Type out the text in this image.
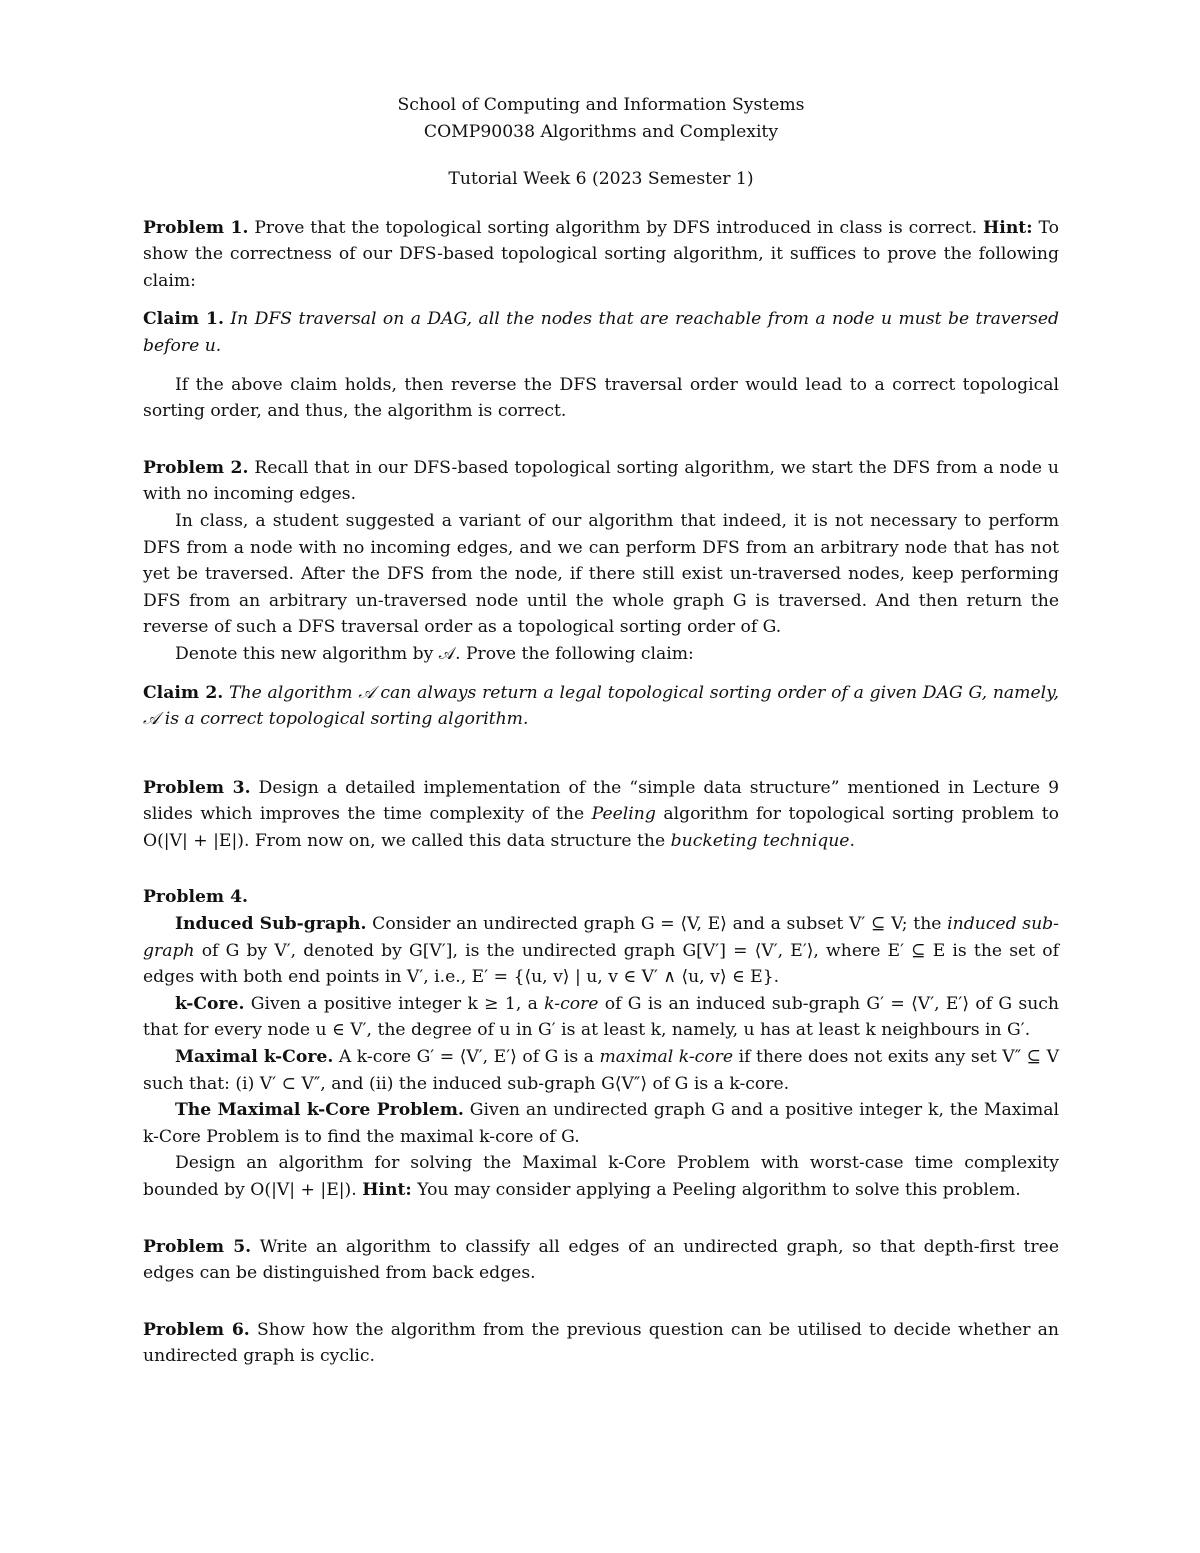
School of Computing and Information Systems
COMP90038 Algorithms and Complexity
Tutorial Week 6 (2023 Semester 1)

Problem 1. Prove that the topological sorting algorithm by DFS introduced in class is correct. Hint: To show the correctness of our DFS-based topological sorting algorithm, it suffices to prove the following claim:

Claim 1. In DFS traversal on a DAG, all the nodes that are reachable from a node u must be traversed before u.

If the above claim holds, then reverse the DFS traversal order would lead to a correct topological sorting order, and thus, the algorithm is correct.

Problem 2. Recall that in our DFS-based topological sorting algorithm, we start the DFS from a node u with no incoming edges.

In class, a student suggested a variant of our algorithm that indeed, it is not necessary to perform DFS from a node with no incoming edges, and we can perform DFS from an arbitrary node that has not yet be traversed. After the DFS from the node, if there still exist un-traversed nodes, keep performing DFS from an arbitrary un-traversed node until the whole graph G is traversed. And then return the reverse of such a DFS traversal order as a topological sorting order of G.

Denote this new algorithm by 𝒜. Prove the following claim:

Claim 2. The algorithm 𝒜 can always return a legal topological sorting order of a given DAG G, namely, 𝒜 is a correct topological sorting algorithm.

Problem 3. Design a detailed implementation of the “simple data structure” mentioned in Lecture 9 slides which improves the time complexity of the Peeling algorithm for topological sorting problem to O(|V| + |E|). From now on, we called this data structure the bucketing technique.

Problem 4.

Induced Sub-graph. Consider an undirected graph G = ⟨V, E⟩ and a subset V′ ⊆ V; the induced sub-graph of G by V′, denoted by G[V′], is the undirected graph G[V′] = ⟨V′, E′⟩, where E′ ⊆ E is the set of edges with both end points in V′, i.e., E′ = {⟨u, v⟩ | u, v ∈ V′ ∧ ⟨u, v⟩ ∈ E}.

k-Core. Given a positive integer k ≥ 1, a k-core of G is an induced sub-graph G′ = ⟨V′, E′⟩ of G such that for every node u ∈ V′, the degree of u in G′ is at least k, namely, u has at least k neighbours in G′.

Maximal k-Core. A k-core G′ = ⟨V′, E′⟩ of G is a maximal k-core if there does not exits any set V″ ⊆ V such that: (i) V′ ⊂ V″, and (ii) the induced sub-graph G⟨V″⟩ of G is a k-core.

The Maximal k-Core Problem. Given an undirected graph G and a positive integer k, the Maximal k-Core Problem is to find the maximal k-core of G.

Design an algorithm for solving the Maximal k-Core Problem with worst-case time complexity bounded by O(|V| + |E|). Hint: You may consider applying a Peeling algorithm to solve this problem.

Problem 5. Write an algorithm to classify all edges of an undirected graph, so that depth-first tree edges can be distinguished from back edges.

Problem 6. Show how the algorithm from the previous question can be utilised to decide whether an undirected graph is cyclic.
